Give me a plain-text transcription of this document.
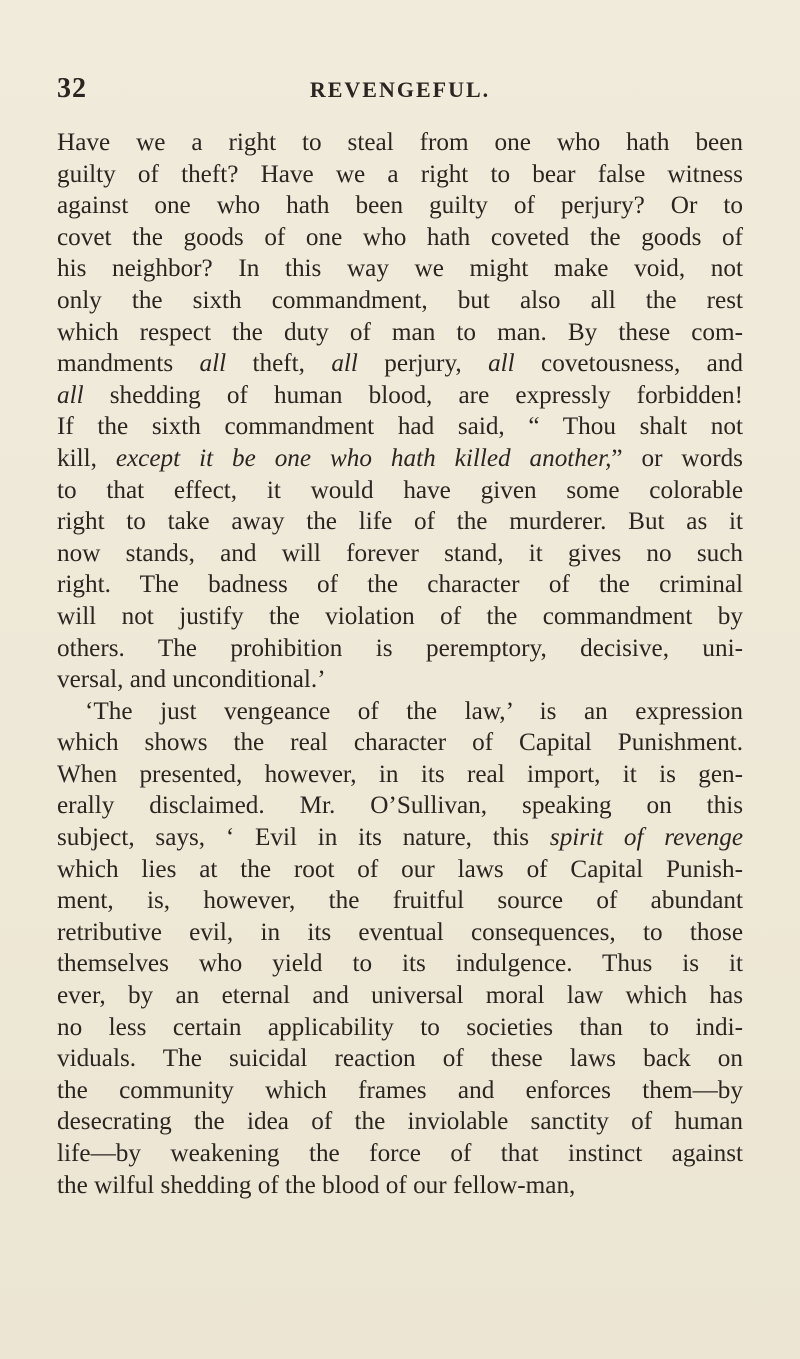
32	REVENGEFUL.
Have we a right to steal from one who hath been
guilty of theft? Have we a right to bear false witness
against one who hath been guilty of perjury? Or to
covet the goods of one who hath coveted the goods of
his neighbor? In this way we might make void, not
only the sixth commandment, but also all the rest
which respect the duty of man to man. By these com-
mandments all theft, all perjury, all covetousness, and
all shedding of human blood, are expressly forbidden!
If the sixth commandment had said, “ Thou shalt not
kill, except it be one who hath killed another,” or words
to that effect, it would have given some colorable
right to take away the life of the murderer. But as it
now stands, and will forever stand, it gives no such
right. The badness of the character of the criminal
will not justify the violation of the commandment by
others. The prohibition is peremptory, decisive, uni-
versal, and unconditional.’
‘The just vengeance of the law,’ is an expression
which shows the real character of Capital Punishment.
When presented, however, in its real import, it is gen-
erally disclaimed. Mr. O’Sullivan, speaking on this
subject, says, ‘ Evil in its nature, this spirit of revenge
which lies at the root of our laws of Capital Punish-
ment, is, however, the fruitful source of abundant
retributive evil, in its eventual consequences, to those
themselves who yield to its indulgence. Thus is it
ever, by an eternal and universal moral law which has
no less certain applicability to societies than to indi-
viduals. The suicidal reaction of these laws back on
the community which frames and enforces them—by
desecrating the idea of the inviolable sanctity of human
life—by weakening the force of that instinct against
the wilful shedding of the blood of our fellow-man,
